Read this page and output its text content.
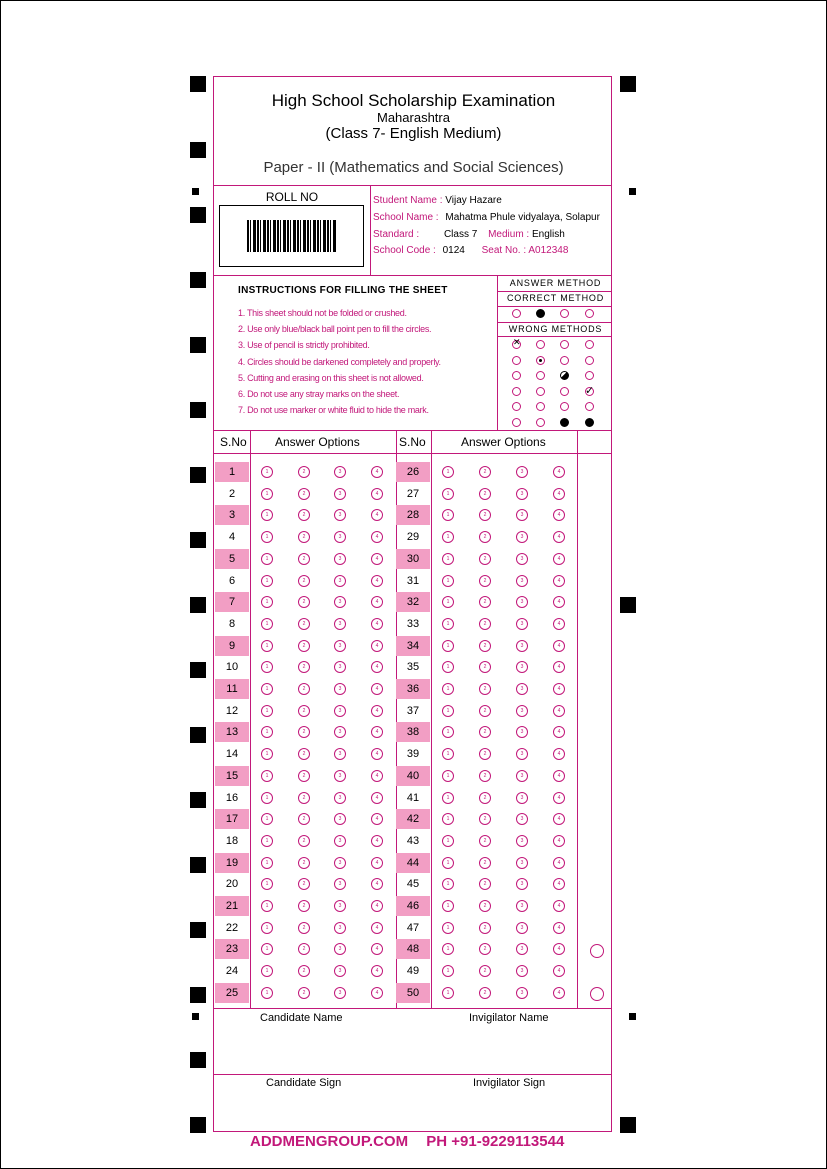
High School Scholarship Examination
Maharashtra
(Class 7- English Medium)
Paper - II (Mathematics and Social Sciences)
ROLL NO	Student Name : Vijay Hazare
School Name : Mahatma Phule vidyalaya, Solapur
Standard : Class 7 Medium : English
School Code : 0124 Seat No. : A012348
INSTRUCTIONS FOR FILLING THE SHEET
1. This sheet should not be folded or crushed.
2. Use only blue/black ball point pen to fill the circles.
3. Use of pencil is strictly prohibited.
4. Circles should be darkened completely and properly.
5. Cutting and erasing on this sheet is not allowed.
6. Do not use any stray marks on the sheet.
7. Do not use marker or white fluid to hide the mark.
ANSWER METHOD
CORRECT METHOD
WRONG METHODS
✕
✓
S.No Answer Options	S.No	Answer Options
1	1	2	3	4	26	1	2	3	4
2	1	2	3	4	27	1	2	3	4
3	1	2	3	4	28	1	2	3	4
4	1	2	3	4	29	1	2	3	4
5	1	2	3	4	30	1	2	3	4
6	1	2	3	4	31	1	2	3	4
7	1	2	3	4	32	1	2	3	4
8	1	2	3	4	33	1	2	3	4
9	1	2	3	4	34	1	2	3	4
10	1	2	3	4	35	1	2	3	4
11	1	2	3	4	36	1	2	3	4
12	1	2	3	4	37	1	2	3	4
13	1	2	3	4	38	1	2	3	4
14	1	2	3	4	39	1	2	3	4
15	1	2	3	4	40	1	2	3	4
16	1	2	3	4	41	1	2	3	4
17	1	2	3	4	42	1	2	3	4
18	1	2	3	4	43	1	2	3	4
19	1	2	3	4	44	1	2	3	4
20	1	2	3	4	45	1	2	3	4
21	1	2	3	4	46	1	2	3	4
22	1	2	3	4	47	1	2	3	4
23	1	2	3	4	48	1	2	3	4
24	1	2	3	4	49	1	2	3	4
25	1	2	3	4	50	1	2	3	4
Candidate Name	Invigilator Name
Candidate Sign	Invigilator Sign
ADDMENGROUP.COM PH +91-9229113544
